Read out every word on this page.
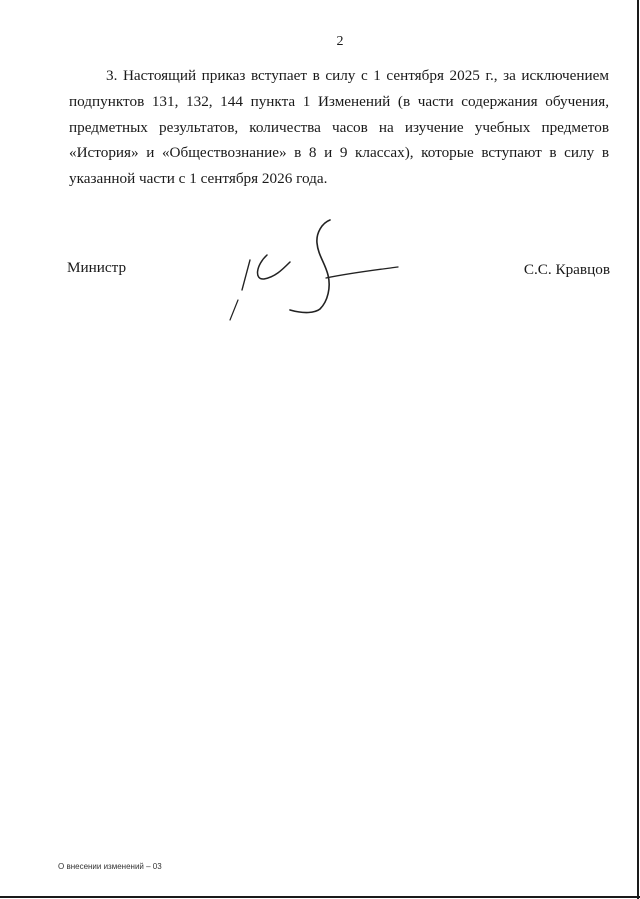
2

3. Настоящий приказ вступает в силу с 1 сентября 2025 г., за исключением подпунктов 131, 132, 144 пункта 1 Изменений (в части содержания обучения, предметных результатов, количества часов на изучение учебных предметов «История» и «Обществознание» в 8 и 9 классах), которые вступают в силу в указанной части с 1 сентября 2026 года.

Министр	С.С. Кравцов
О внесении изменений – 03
